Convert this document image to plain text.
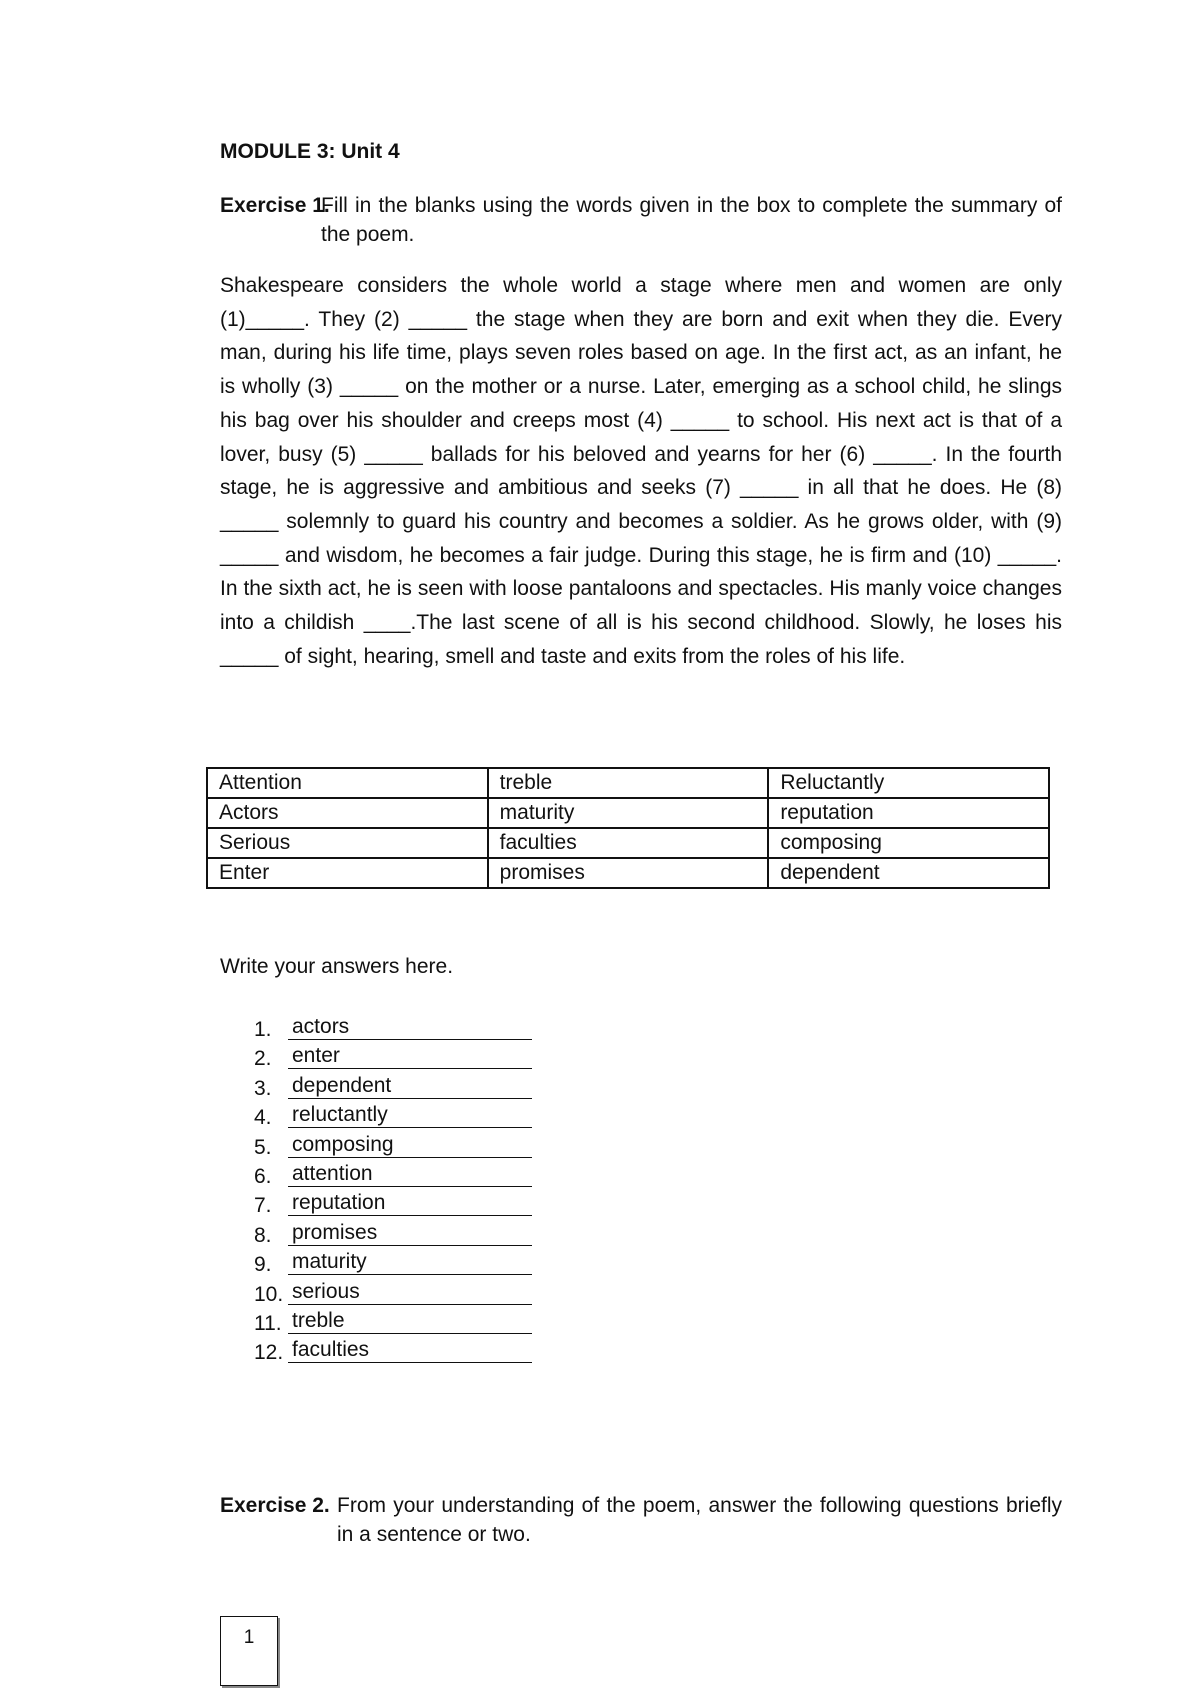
MODULE 3: Unit 4

Exercise 1.
Fill in the blanks using the words given in the box to complete the summary of the poem.

Shakespeare considers the whole world a stage where men and women are only (1)_____. They (2) _____ the stage when they are born and exit when they die. Every man, during his life time, plays seven roles based on age. In the first act, as an infant, he is wholly (3) _____ on the mother or a nurse. Later, emerging as a school child, he slings his bag over his shoulder and creeps most (4) _____ to school. His next act is that of a lover, busy (5) _____ ballads for his beloved and yearns for her (6) _____. In the fourth stage, he is aggressive and ambitious and seeks (7) _____ in all that he does. He (8) _____ solemnly to guard his country and becomes a soldier. As he grows older, with (9) _____ and wisdom, he becomes a fair judge. During this stage, he is firm and (10) _____. In the sixth act, he is seen with loose pantaloons and spectacles. His manly voice changes into a childish ____.The last scene of all is his second childhood. Slowly, he loses his _____ of sight, hearing, smell and taste and exits from the roles of his life.

Attention	treble	Reluctantly
Actors	maturity	reputation
Serious	faculties	composing
Enter	promises	dependent

Write your answers here.

1. actors
2. enter
3. dependent
4. reluctantly
5. composing
6. attention
7. reputation
8. promises
9. maturity
10. serious
11. treble
12. faculties
Exercise 2. From your understanding of the poem, answer the following questions briefly in a sentence or two.
1
